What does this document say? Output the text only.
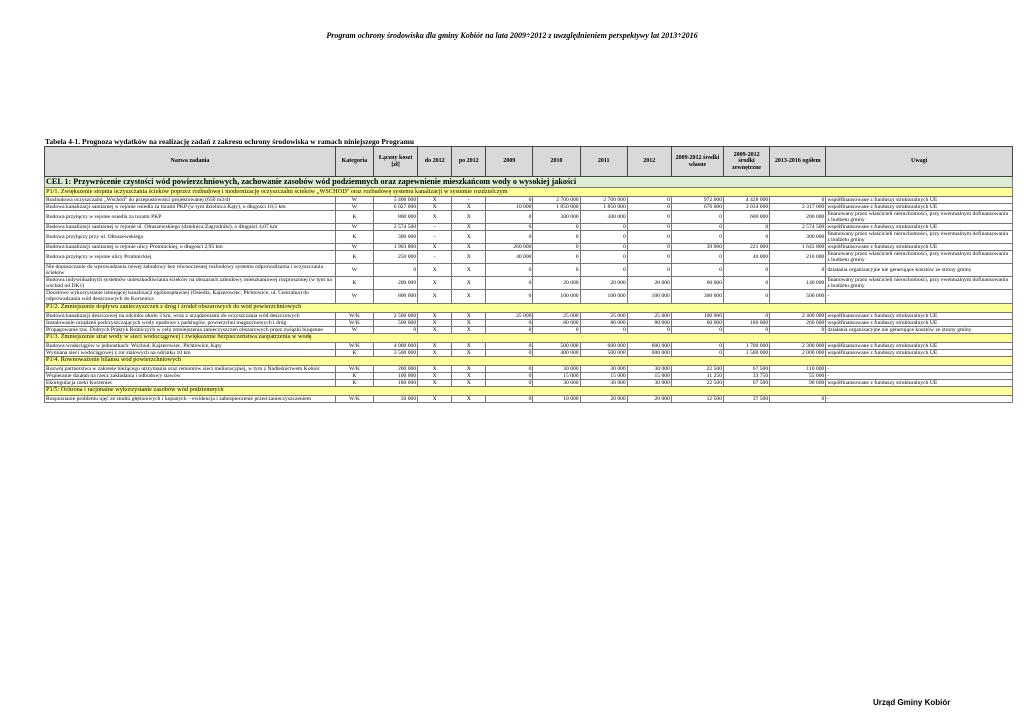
Program ochrony środowiska dla gminy Kobiór na lata 2009÷2012 z uwzględnieniem perspektywy lat 2013÷2016
Tabela 4-1. Prognoza wydatków na realizację zadań z zakresu ochrony środowiska w ramach niniejszego Programu
Nazwa zadania	Kategoria	Łączny koszt [zł]	do 2012	po 2012	2009	2010	2011	2012	2009-2012 środki własne	2009-2012 środki zewnętrzne	2013-2016 ogółem	Uwagi
CEL 1: Przywrócenie czystości wód powierzchniowych, zachowanie zasobów wód podziemnych oraz zapewnienie mieszkańcom wody o wysokiej jakości												
P1/1. Zwiększenie stopnia oczyszczania ścieków poprzez rozbudowę i modernizację oczyszczalni ścieków „WSCHÓD" oraz rozbudowę systemu kanalizacji w systemie rozdzielczym												
Rozbudowa oczyszczalni „Wschód" do przepustowości projektowanej (650 m3/d)	W	5 400 000	X	-	0	2 700 000	2 700 000	0	972 000	4 428 000	0	współfinansowane z funduszy strukturalnych UE
Budowa kanalizacji sanitarnej w rejonie osiedla za torami PKP (w tym dzielnica Kąty), o długości 10,5 km	W	6 027 000	X	X	10 000	1 850 000	1 850 000	0	676 000	3 034 000	2 317 000	współfinansowane z funduszy strukturalnych UE
Budowa przyłączy w rejonie osiedla za torami PKP	K	800 000	X	X	0	300 000	300 000	0	0	600 000	200 000	finanowany przez właścicieli nieruchomości, przy ewentualnym dofinansowaniu z budżetu gminy
Budowa kanalizacji sanitarnej w rejonie ul. Ołtuszewskiego (dzielnica Zagrodniki), o długości 4,07 km	W	2 574 500	-	X	0	0	0	0	0	0	2 574 500	współfinansowane z funduszy strukturalnych UE
Budowa przyłączy przy ul. Ołtuszewskiego	K	300 000	-	X	0	0	0	0	0	0	300 000	finanowany przez właścicieli nieruchomości, przy ewentualnym dofinansowaniu z budżetu gminy
Budowa kanalizacji sanitarnej w rejonie ulicy Promnickiej, o długości 2,95 km	W	1 903 800	X	X	260 000	0	0	0	39 000	221 000	1 643 800	współfinansowane z funduszy strukturalnych UE
Budowa przyłączy w rejonie ulicy Promnickiej	K	250 000	-	X	40 000	0	0	0	0	40 000	210 000	finanowany przez właścicieli nieruchomości, przy ewentualnym dofinansowaniu z budżetu gminy
Nie dopuszczanie do wprowadzania nowej zabudowy bez równoczesnej rozbudowy systemu odprowadzania i oczyszczania ścieków	W	0	X	X	0	0	0	0	0	0	0	działania organizacyjne nie generujące kosztów ze strony gminy
Budowa indywidualnych systemów unieszkodliwiania ścieków na obszarach zabudowy mieszkaniowej rozproszonej (w tym na wschód od DK1)	K	200 000	X	X	0	20 000	20 000	20 000	60 000	0	140 000	finanowany przez właścicieli nieruchomości, przy ewentualnym dofinansowaniu z budżetu gminy
Docelowe wykorzystanie istniejącej kanalizacji ogólnospławnej (Osiedla, Kajzerowiec, Płchtowice, ul. Centralna) do odprowadzania wód deszczowych do Korzenica	W	800 000	X	X	0	100 000	100 000	100 000	300 000	0	500 000	-
P1/2. Zmniejszenie dopływu zanieczyszczeń z dróg i źródeł obszarowych do wód powierzchniowych												
Budowa kanalizacji deszczowej na odcinku około 3 km, wraz z urządzeniami do oczyszczania wód deszczowych	W/K	2 500 000	X	X	25 000	25 000	25 000	25 000	100 000	0	2 400 000	współfinansowane z funduszy strukturalnych UE
Instalowanie urządzeń podczyszczających wody opadowe z parkingów, powierzchni magazynowych i dróg	W/K	500 000	X	X	0	80 000	80 000	80 000	60 000	180 000	260 000	współfinansowane z funduszy strukturalnych UE
Propagowanie tzw. Dobrych Praktyk Rolniczych w celu zmniejszenia zanieczyszczeń obszarowych przez związki biogenne	W	0	X	X	0	0	0	0	0	0	0	działania organizacyjne nie generujące kosztów ze strony gminy
P1/3. Zmniejszenie strat wody w sieci wodociągowej i zwiększenie bezpieczeństwa zaopatrzenia w wodę												
Budowa wodociągów w jednostkach: Wschód, Kajzerowiec, Płchtowice, Kąty	W/K	4 000 000	X	X	0	500 000	600 000	600 000	0	1 700 000	2 300 000	współfinansowane z funduszy strukturalnych UE
Wymiana sieci wodociągowej z rur stalowych na odcinku 10 km	K	3 500 000	X	X	0	400 000	500 000	600 000	0	1 500 000	2 000 000	współfinansowane z funduszy strukturalnych UE
P1/4. Równoważenie bilansu wód powierzchniowych												
Rozwój partnerstwa w zakresie bieżącego utrzymania oraz remontów sieci melioracyjnej, w tym z Nadleśnictwem Kobiór	W/K	200 000	X	X	0	30 000	30 000	30 000	22 500	67 500	110 000	-
Wspieranie działań na rzecz zakładania i odbudowy stawów	K	100 000	X	X	0	15 000	15 000	15 000	11 250	33 750	55 000	-
Ekoregulacja rzeki Korzeniec	K	180 000	X	X	0	30 000	30 000	30 000	22 500	67 500	90 000	współfinansowane z funduszy strukturalnych UE
P1/5: Ochrona i racjonalne wykorzystanie zasobów wód podziemnych												
Rozpoznanie problemu ujęć ze studni głębinowych i kopanych – ewidencja i zabezpieczenie przed zanieczyszczeniem	W/K	50 000	X	X	0	10 000	20 000	20 000	12 500	37 500	0	-
Urząd Gminy Kobiór
